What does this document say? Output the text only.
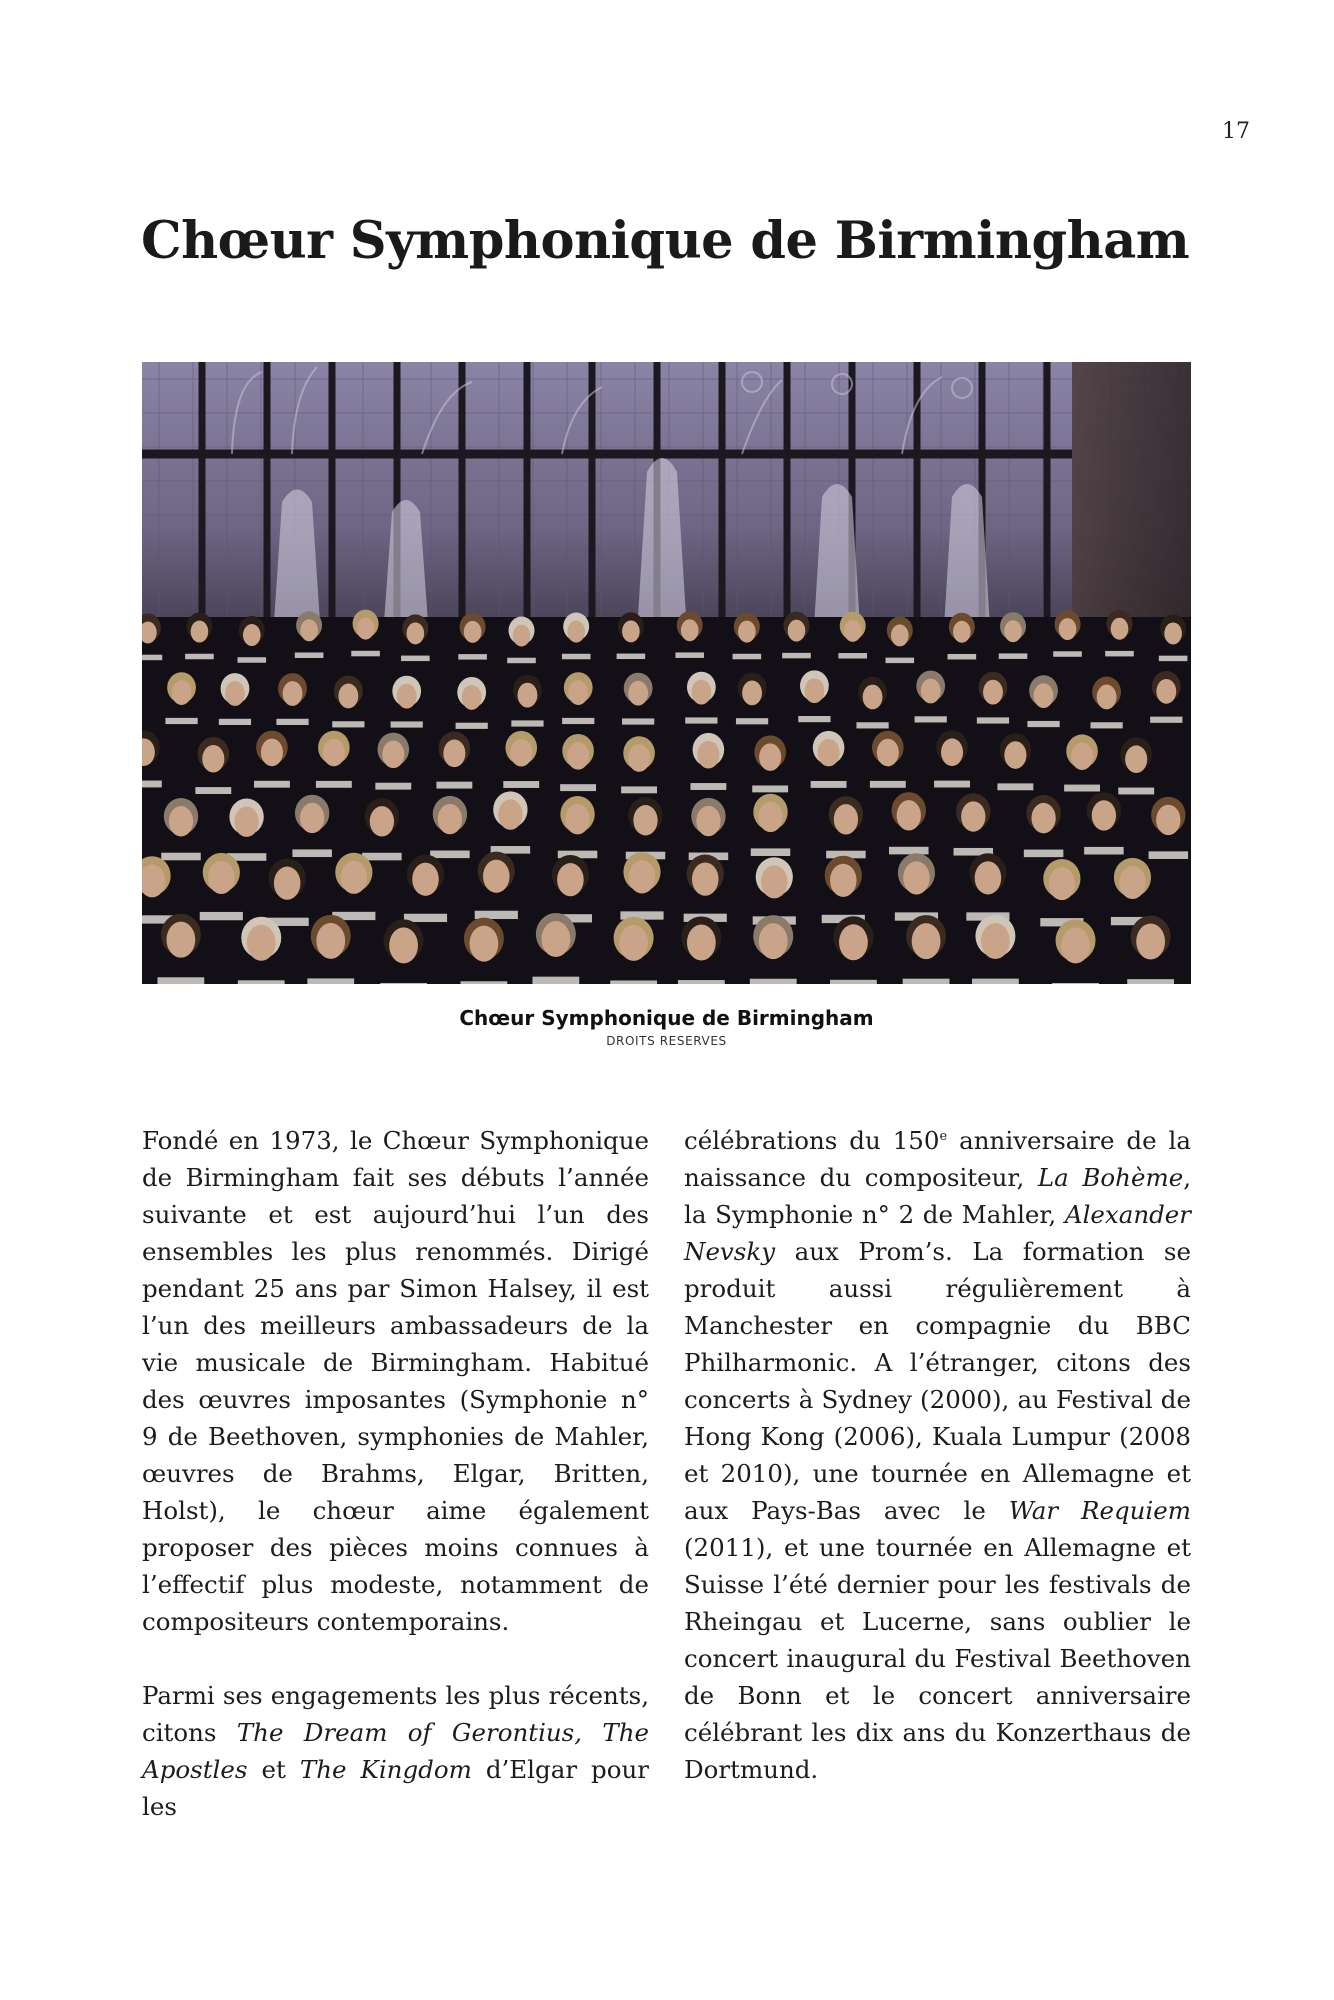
17
Chœur Symphonique de Birmingham
Chœur Symphonique de Birmingham
DROITS RESERVES

Fondé en 1973, le Chœur Symphonique de Birmingham fait ses débuts l’année suivante et est aujourd’hui l’un des ensembles les plus renommés. Dirigé pendant 25 ans par Simon Halsey, il est l’un des meilleurs ambassadeurs de la vie musicale de Birmingham. Habitué des œuvres imposantes (Symphonie n° 9 de Beethoven, symphonies de Mahler, œuvres de Brahms, Elgar, Britten, Holst), le chœur aime également proposer des pièces moins connues à l’effectif plus modeste, notamment de compositeurs contemporains.

Parmi ses engagements les plus récents, citons The Dream of Gerontius, The Apostles et The Kingdom d’Elgar pour les

célébrations du 150e anniversaire de la naissance du compositeur, La Bohème, la Symphonie n° 2 de Mahler, Alexander Nevsky aux Prom’s. La formation se produit aussi régulièrement à Manchester en compagnie du BBC Philharmonic. A l’étranger, citons des concerts à Sydney (2000), au Festival de Hong Kong (2006), Kuala Lumpur (2008 et 2010), une tournée en Allemagne et aux Pays-Bas avec le War Requiem (2011), et une tournée en Allemagne et Suisse l’été dernier pour les festivals de Rheingau et Lucerne, sans oublier le concert inaugural du Festival Beethoven de Bonn et le concert anniversaire célébrant les dix ans du Konzerthaus de Dortmund.
